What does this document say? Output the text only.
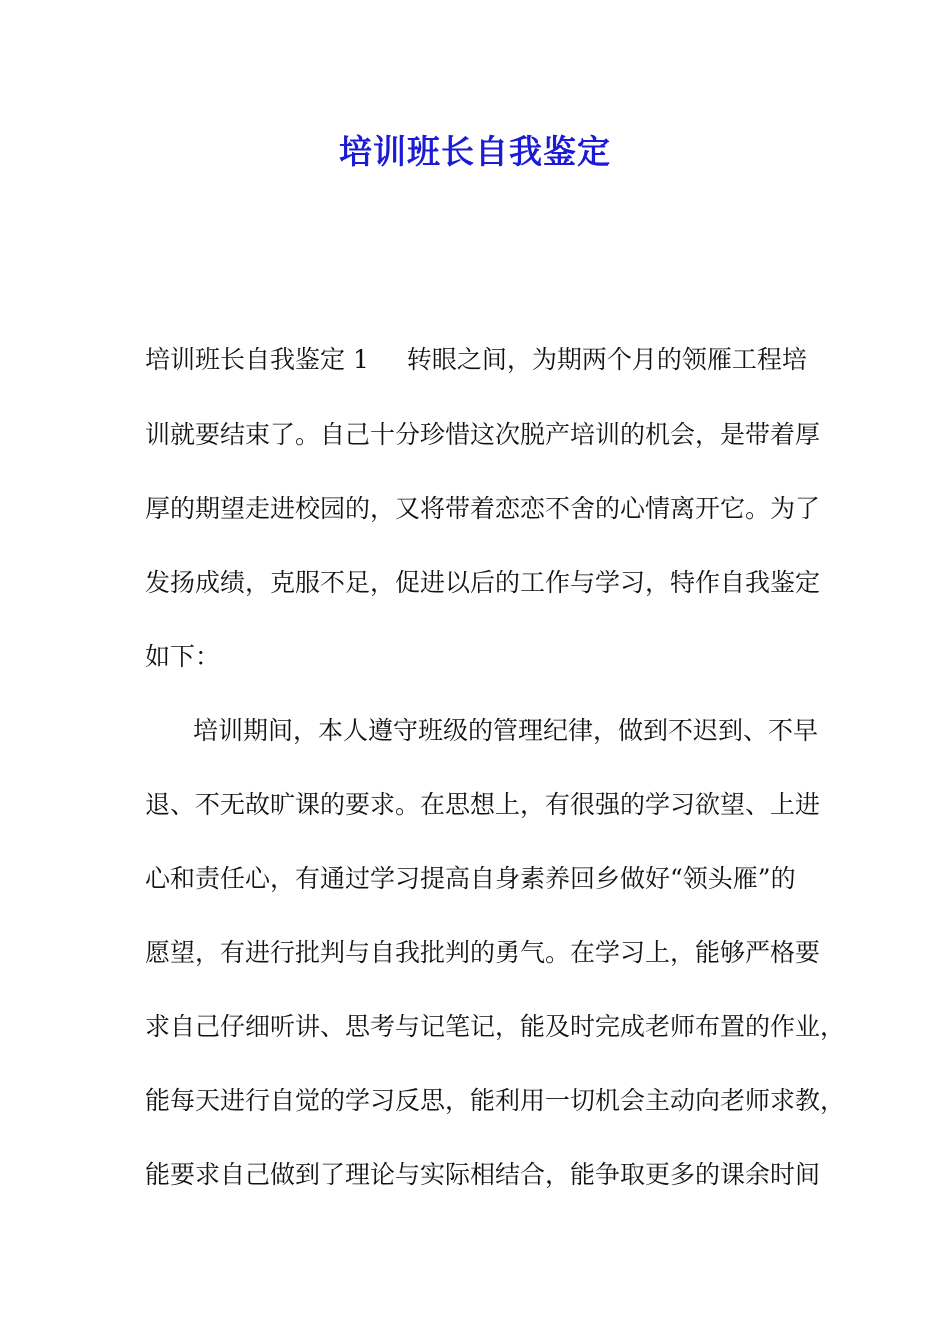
培训班长自我鉴定
培训班长自我鉴定 1 转眼之间，为期两个月的领雁工程培
训就要结束了。自己十分珍惜这次脱产培训的机会，是带着厚
厚的期望走进校园的，又将带着恋恋不舍的心情离开它。为了
发扬成绩，克服不足，促进以后的工作与学习，特作自我鉴定
如下：
培训期间，本人遵守班级的管理纪律，做到不迟到、不早
退、不无故旷课的要求。在思想上，有很强的学习欲望、上进
心和责任心，有通过学习提高自身素养回乡做好“领头雁”的
愿望，有进行批判与自我批判的勇气。在学习上，能够严格要
求自己仔细听讲、思考与记笔记，能及时完成老师布置的作业，
能每天进行自觉的学习反思，能利用一切机会主动向老师求教，
能要求自己做到了理论与实际相结合，能争取更多的课余时间
